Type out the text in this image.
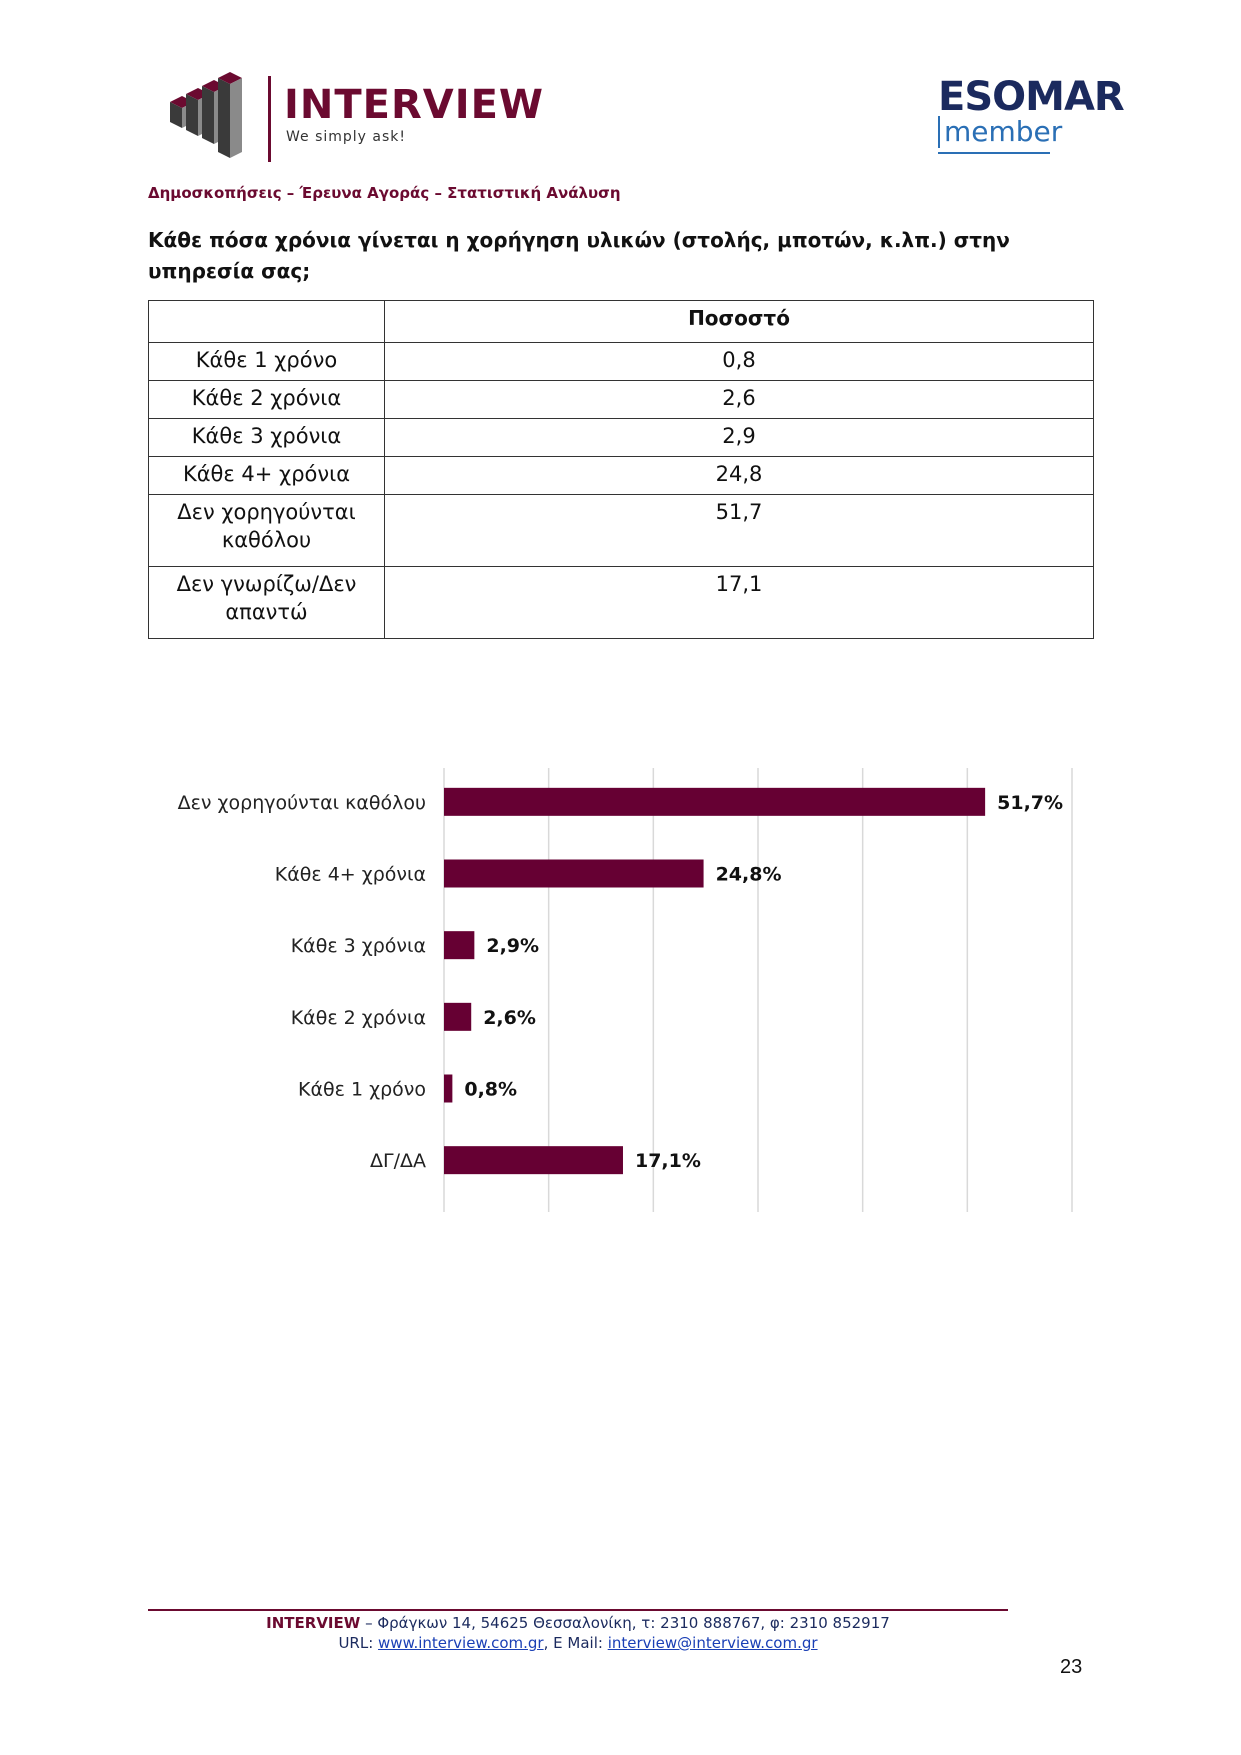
INTERVIEW
We simply ask!
ESOMAR
member
Δημοσκοπήσεις – Έρευνα Αγοράς – Στατιστική Ανάλυση
Κάθε πόσα χρόνια γίνεται η χορήγηση υλικών (στολής, μποτών, κ.λπ.) στην υπηρεσία σας;
	Ποσοστό
Κάθε 1 χρόνο	0,8
Κάθε 2 χρόνια	2,6
Κάθε 3 χρόνια	2,9
Κάθε 4+ χρόνια	24,8
Δεν χορηγούνται καθόλου	51,7
Δεν γνωρίζω/Δεν απαντώ	17,1
Δεν χορηγούνται καθόλου	51,7%
Κάθε 4+ χρόνια	24,8%
Κάθε 3 χρόνια	2,9%
Κάθε 2 χρόνια	2,6%
Κάθε 1 χρόνο 0,8%
ΔΓ/ΔΑ	17,1%
INTERVIEW – Φράγκων 14, 54625 Θεσσαλονίκη, τ: 2310 888767, φ: 2310 852917
URL: www.interview.com.gr, E Mail: interview@interview.com.gr
23
